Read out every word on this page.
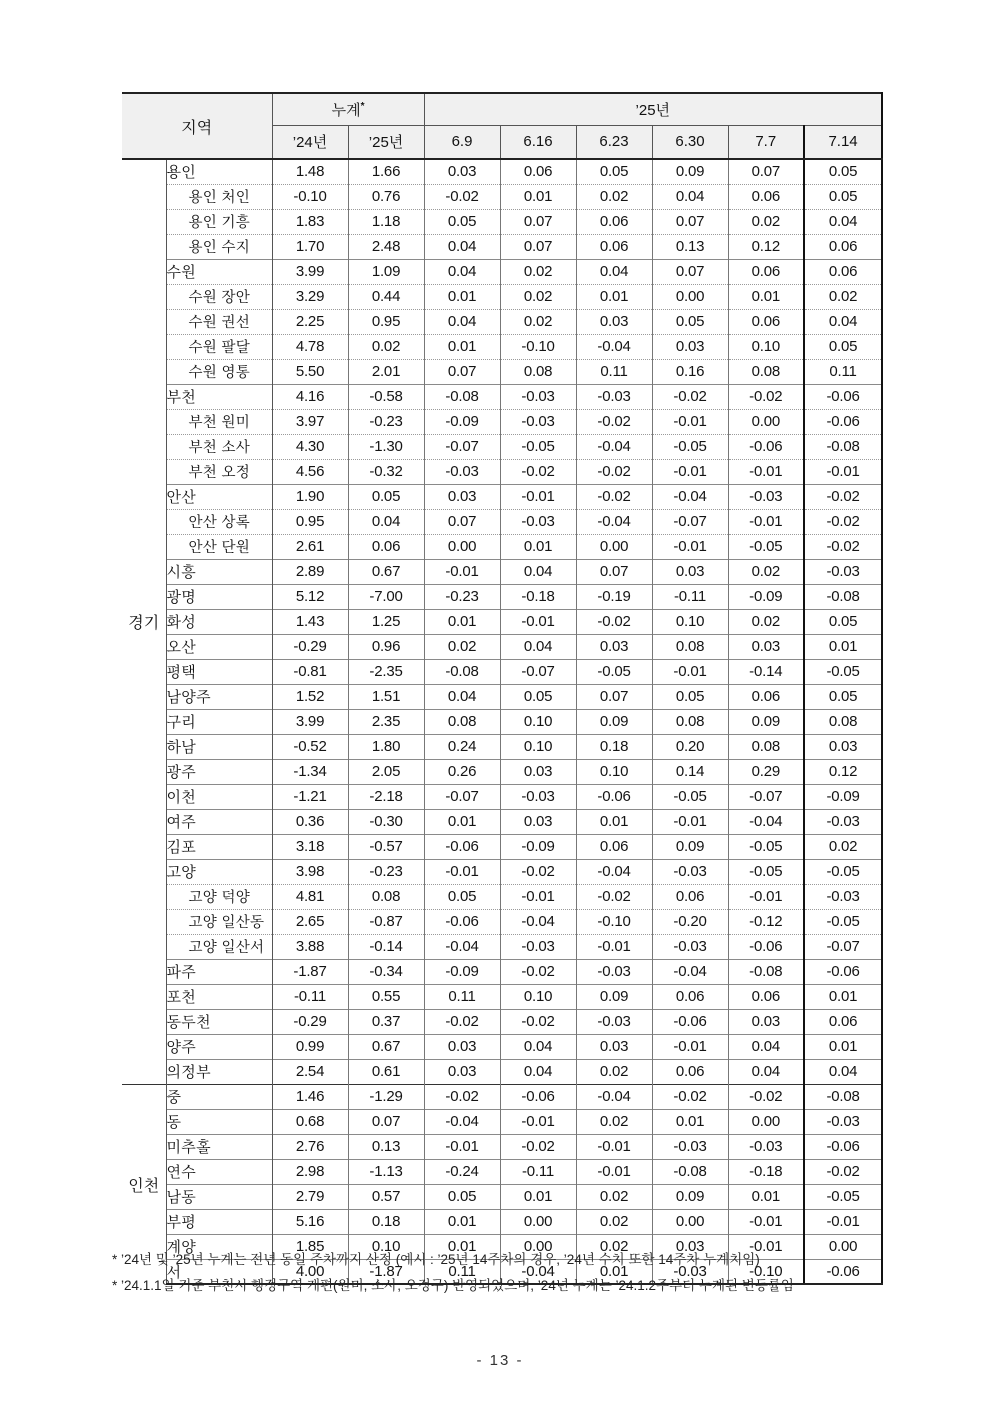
지역		누계*		’25년					
		’24년	’25년	6.9	6.16	6.23	6.30	7.7	7.14
경기	용인	1.48	1.66	0.03	0.06	0.05	0.09	0.07	0.05
	용인 처인	-0.10	0.76	-0.02	0.01	0.02	0.04	0.06	0.05
	용인 기흥	1.83	1.18	0.05	0.07	0.06	0.07	0.02	0.04
	용인 수지	1.70	2.48	0.04	0.07	0.06	0.13	0.12	0.06
	수원	3.99	1.09	0.04	0.02	0.04	0.07	0.06	0.06
	수원 장안	3.29	0.44	0.01	0.02	0.01	0.00	0.01	0.02
	수원 권선	2.25	0.95	0.04	0.02	0.03	0.05	0.06	0.04
	수원 팔달	4.78	0.02	0.01	-0.10	-0.04	0.03	0.10	0.05
	수원 영통	5.50	2.01	0.07	0.08	0.11	0.16	0.08	0.11
	부천	4.16	-0.58	-0.08	-0.03	-0.03	-0.02	-0.02	-0.06
	부천 원미	3.97	-0.23	-0.09	-0.03	-0.02	-0.01	0.00	-0.06
	부천 소사	4.30	-1.30	-0.07	-0.05	-0.04	-0.05	-0.06	-0.08
	부천 오정	4.56	-0.32	-0.03	-0.02	-0.02	-0.01	-0.01	-0.01
	안산	1.90	0.05	0.03	-0.01	-0.02	-0.04	-0.03	-0.02
	안산 상록	0.95	0.04	0.07	-0.03	-0.04	-0.07	-0.01	-0.02
	안산 단원	2.61	0.06	0.00	0.01	0.00	-0.01	-0.05	-0.02
	시흥	2.89	0.67	-0.01	0.04	0.07	0.03	0.02	-0.03
	광명	5.12	-7.00	-0.23	-0.18	-0.19	-0.11	-0.09	-0.08
	화성	1.43	1.25	0.01	-0.01	-0.02	0.10	0.02	0.05
	오산	-0.29	0.96	0.02	0.04	0.03	0.08	0.03	0.01
	평택	-0.81	-2.35	-0.08	-0.07	-0.05	-0.01	-0.14	-0.05
	남양주	1.52	1.51	0.04	0.05	0.07	0.05	0.06	0.05
	구리	3.99	2.35	0.08	0.10	0.09	0.08	0.09	0.08
	하남	-0.52	1.80	0.24	0.10	0.18	0.20	0.08	0.03
	광주	-1.34	2.05	0.26	0.03	0.10	0.14	0.29	0.12
	이천	-1.21	-2.18	-0.07	-0.03	-0.06	-0.05	-0.07	-0.09
	여주	0.36	-0.30	0.01	0.03	0.01	-0.01	-0.04	-0.03
	김포	3.18	-0.57	-0.06	-0.09	0.06	0.09	-0.05	0.02
	고양	3.98	-0.23	-0.01	-0.02	-0.04	-0.03	-0.05	-0.05
	고양 덕양	4.81	0.08	0.05	-0.01	-0.02	0.06	-0.01	-0.03
	고양 일산동	2.65	-0.87	-0.06	-0.04	-0.10	-0.20	-0.12	-0.05
	고양 일산서	3.88	-0.14	-0.04	-0.03	-0.01	-0.03	-0.06	-0.07
	파주	-1.87	-0.34	-0.09	-0.02	-0.03	-0.04	-0.08	-0.06
	포천	-0.11	0.55	0.11	0.10	0.09	0.06	0.06	0.01
	동두천	-0.29	0.37	-0.02	-0.02	-0.03	-0.06	0.03	0.06
	양주	0.99	0.67	0.03	0.04	0.03	-0.01	0.04	0.01
	의정부	2.54	0.61	0.03	0.04	0.02	0.06	0.04	0.04
인천	중	1.46	-1.29	-0.02	-0.06	-0.04	-0.02	-0.02	-0.08
	동	0.68	0.07	-0.04	-0.01	0.02	0.01	0.00	-0.03
	미추홀	2.76	0.13	-0.01	-0.02	-0.01	-0.03	-0.03	-0.06
	연수	2.98	-1.13	-0.24	-0.11	-0.01	-0.08	-0.18	-0.02
	남동	2.79	0.57	0.05	0.01	0.02	0.09	0.01	-0.05
	부평	5.16	0.18	0.01	0.00	0.02	0.00	-0.01	-0.01
	계양	1.85	0.10	0.01	0.00	0.02	0.03	-0.01	0.00
	서	4.00	-1.87	0.11	-0.04	0.01	-0.03	-0.10	-0.06
* ’24년 및 ’25년 누계는 전년 동일 주차까지 산정 (예시 : ’25년 14주차의 경우, ’24년 수치 또한 14주차 누계치임)
* ’24.1.1일 기준 부천시 행정구역 개편(원미, 소사, 오정구) 반영되었으며, ’24년 누계는 ’24.1.2주부터 누계된 변동률임
- 13 -
